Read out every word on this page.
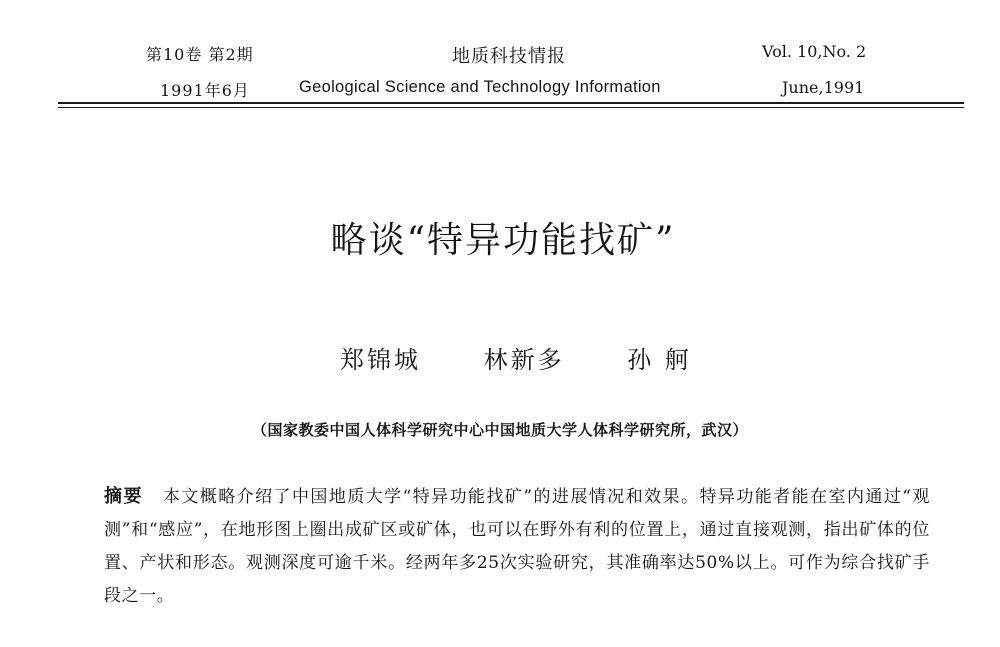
第10卷 第2期	地质科技情报	Vol. 10,No. 2
1991年6月	Geological Science and Technology Information	June,1991
略谈“特异功能找矿”
郑锦城	林新多	孙 舸
（国家教委中国人体科学研究中心中国地质大学人体科学研究所，武汉）
摘要 本文概略介绍了中国地质大学“特异功能找矿”的进展情况和效果。特异功能者能在室内通过“观测”和“感应”，在地形图上圈出成矿区或矿体，也可以在野外有利的位置上，通过直接观测，指出矿体的位置、产状和形态。观测深度可逾千米。经两年多25次实验研究，其准确率达50%以上。可作为综合找矿手段之一。
